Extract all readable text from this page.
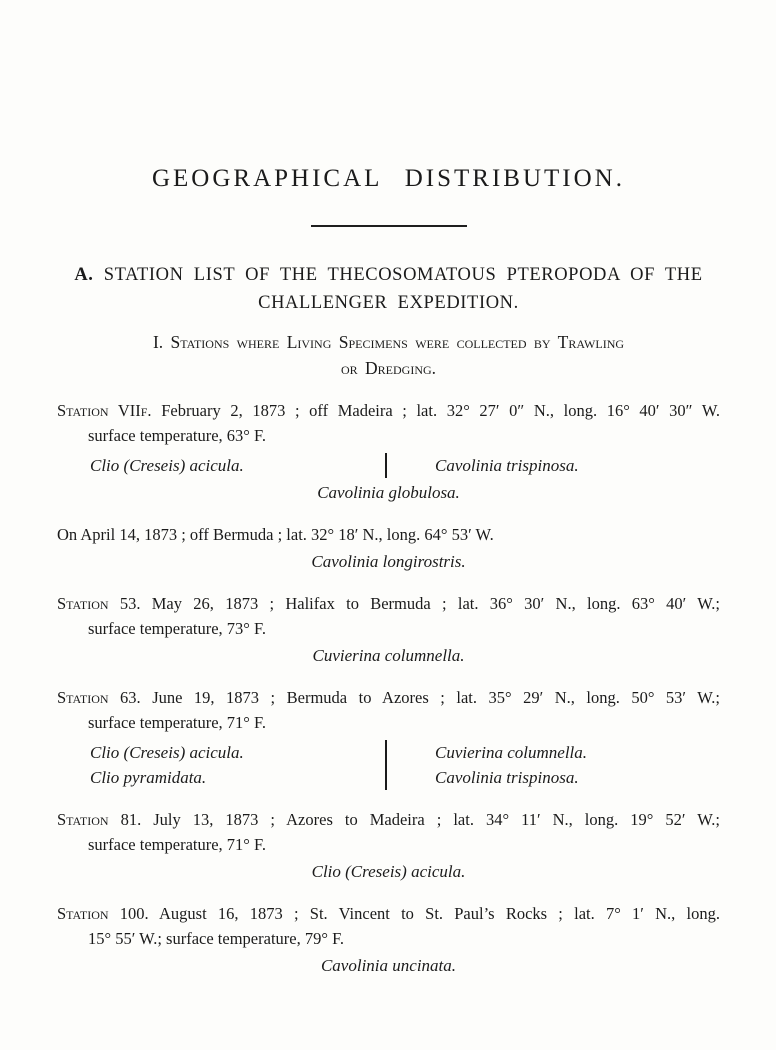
GEOGRAPHICAL DISTRIBUTION.
A. STATION LIST OF THE THECOSOMATOUS PTEROPODA OF THE
CHALLENGER EXPEDITION.
I. Stations where Living Specimens were collected by Trawling
or Dredging.
Station VIIf. February 2, 1873 ; off Madeira ; lat. 32° 27′ 0″ N., long. 16° 40′ 30″ W.
surface temperature, 63° F.
Clio (Creseis) acicula.	Cavolinia trispinosa.
Cavolinia globulosa.
On April 14, 1873 ; off Bermuda ; lat. 32° 18′ N., long. 64° 53′ W.
Cavolinia longirostris.
Station 53. May 26, 1873 ; Halifax to Bermuda ; lat. 36° 30′ N., long. 63° 40′ W.;
surface temperature, 73° F.
Cuvierina columnella.
Station 63. June 19, 1873 ; Bermuda to Azores ; lat. 35° 29′ N., long. 50° 53′ W.;
surface temperature, 71° F.
Clio (Creseis) acicula.
Clio pyramidata.
Cuvierina columnella.
Cavolinia trispinosa.
Station 81. July 13, 1873 ; Azores to Madeira ; lat. 34° 11′ N., long. 19° 52′ W.;
surface temperature, 71° F.
Clio (Creseis) acicula.
Station 100. August 16, 1873 ; St. Vincent to St. Paul’s Rocks ; lat. 7° 1′ N., long.
15° 55′ W.; surface temperature, 79° F.
Cavolinia uncinata.
